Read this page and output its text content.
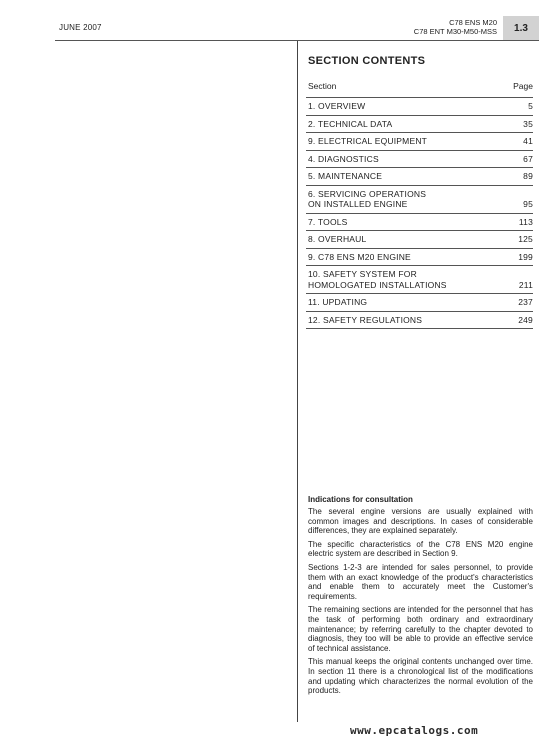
JUNE 2007
C78 ENS M20
C78 ENT M30-M50-MSS	1.3
SECTION CONTENTS
Section	Page
1. OVERVIEW	5
2. TECHNICAL DATA	35
9. ELECTRICAL EQUIPMENT	41
4. DIAGNOSTICS	67
5. MAINTENANCE	89
6. SERVICING OPERATIONS
ON INSTALLED ENGINE	95
7. TOOLS	113
8. OVERHAUL	125
9. C78 ENS M20 ENGINE	199
10. SAFETY SYSTEM FOR
HOMOLOGATED INSTALLATIONS	211
11. UPDATING	237
12. SAFETY REGULATIONS	249
Indications for consultation

The several engine versions are usually explained with common images and descriptions. In cases of considerable differences, they are explained separately.

The specific characteristics of the C78 ENS M20 engine electric system are described in Section 9.

Sections 1-2-3 are intended for sales personnel, to provide them with an exact knowledge of the product's characteristics and enable them to accurately meet the Customer's requirements.

The remaining sections are intended for the personnel that has the task of performing both ordinary and extraordinary maintenance; by referring carefully to the chapter devoted to diagnosis, they too will be able to provide an effective service of technical assistance.

This manual keeps the original contents unchanged over time. In section 11 there is a chronological list of the modifications and updating which characterizes the normal evolution of the products.

www.epcatalogs.com
